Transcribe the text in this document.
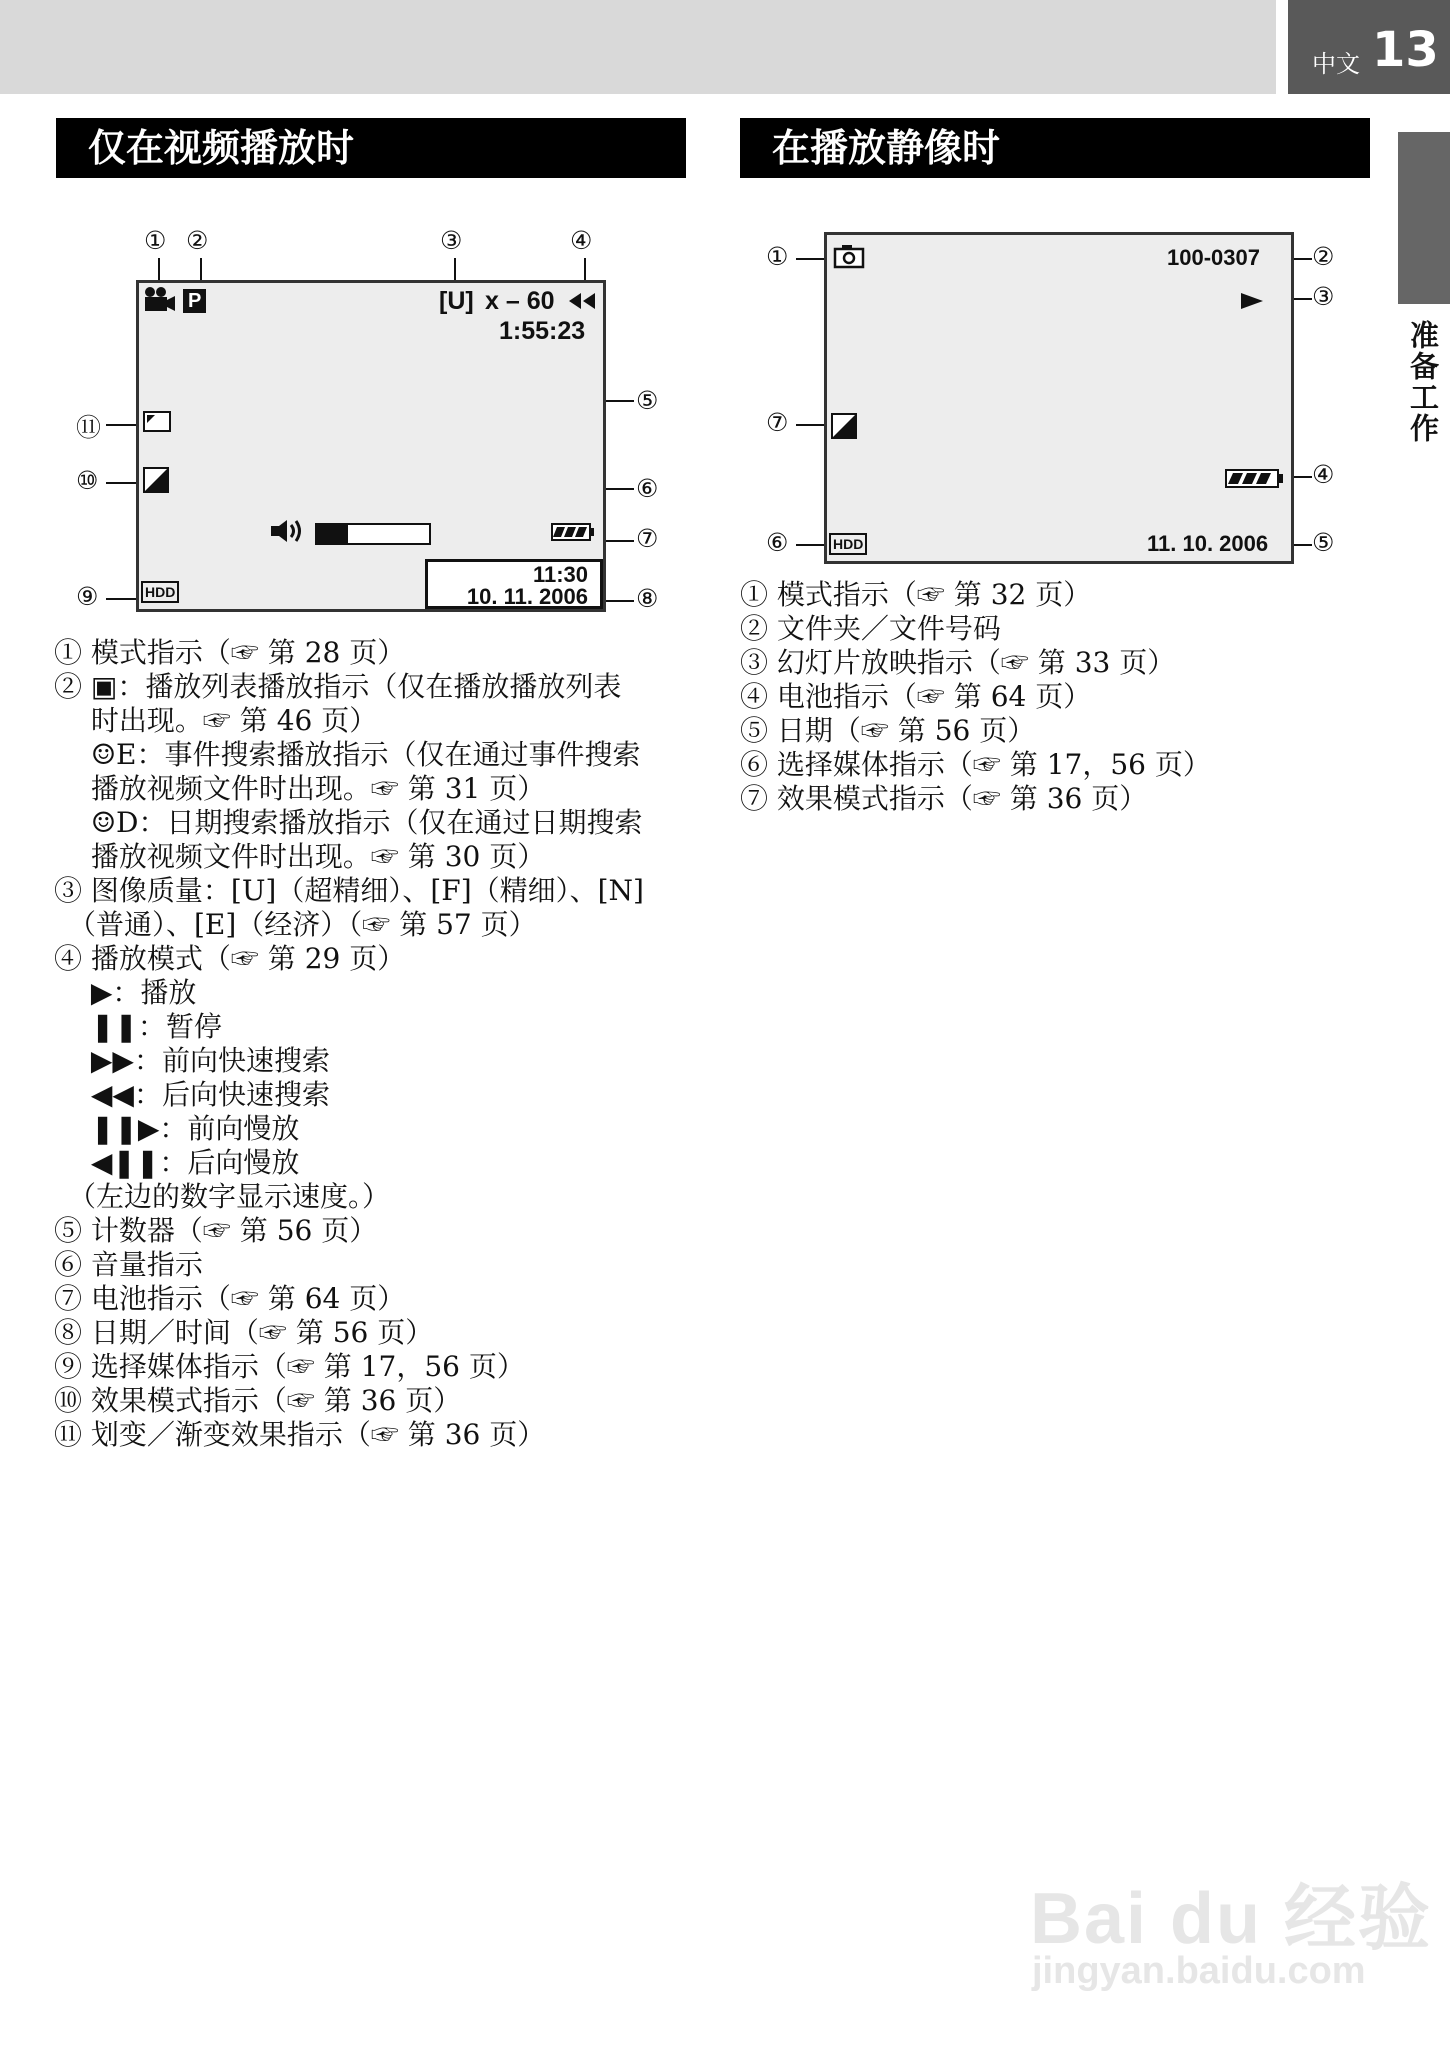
中文 13
准备工作
仅在视频播放时
① ②	③	④
⑤
⑥
⑦
⑧
⑨
⑩
⑪
P	[U] x – 60
1:55:23
HDD
11:30
10. 11. 2006
① 模式指示（☞ 第 28 页）
② ▣：播放列表播放指示（仅在播放播放列表
　 时出现。☞ 第 46 页）
　 ☺E：事件搜索播放指示（仅在通过事件搜索
　 播放视频文件时出现。☞ 第 31 页）
　 ☺D：日期搜索播放指示（仅在通过日期搜索
　 播放视频文件时出现。☞ 第 30 页）
③ 图像质量：[U]（超精细）、[F]（精细）、[N]
　（普通）、[E]（经济）（☞ 第 57 页）
④ 播放模式（☞ 第 29 页）
　 ▶：播放
　 ❚❚：暂停
　 ▶▶：前向快速搜索
　 ◀◀：后向快速搜索
　 ❚❚▶：前向慢放
　 ◀❚❚：后向慢放
　（左边的数字显示速度。）
⑤ 计数器（☞ 第 56 页）
⑥ 音量指示
⑦ 电池指示（☞ 第 64 页）
⑧ 日期／时间（☞ 第 56 页）
⑨ 选择媒体指示（☞ 第 17，56 页）
⑩ 效果模式指示（☞ 第 36 页）
⑪ 划变／渐变效果指示（☞ 第 36 页）
在播放静像时
①	②
③
④
⑤
⑥
⑦
100-0307
11. 10. 2006
HDD
① 模式指示（☞ 第 32 页）
② 文件夹／文件号码
③ 幻灯片放映指示（☞ 第 33 页）
④ 电池指示（☞ 第 64 页）
⑤ 日期（☞ 第 56 页）
⑥ 选择媒体指示（☞ 第 17，56 页）
⑦ 效果模式指示（☞ 第 36 页）
Bai du 经验
jingyan.baidu.com
